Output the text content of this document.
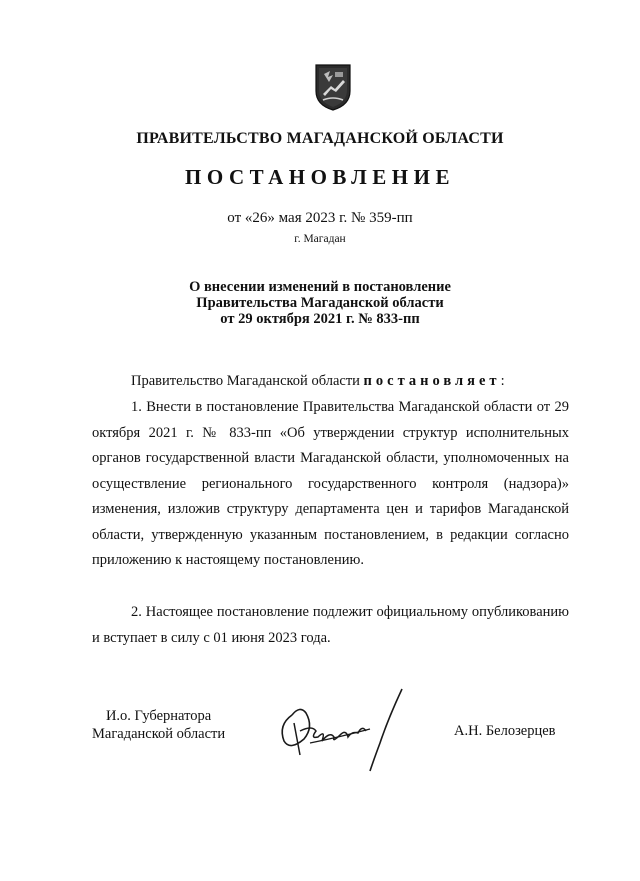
ПРАВИТЕЛЬСТВО МАГАДАНСКОЙ ОБЛАСТИ
ПОСТАНОВЛЕНИЕ
от «26» мая 2023 г. № 359-пп
г. Магадан
О внесении изменений в постановление
Правительства Магаданской области
от 29 октября 2021 г. № 833-пп
Правительство Магаданской области постановляет:
1. Внести в постановление Правительства Магаданской области от 29 октября 2021 г. № 833-пп «Об утверждении структур исполнительных органов государственной власти Магаданской области, уполномоченных на осуществление регионального государственного контроля (надзора)» изменения, изложив структуру департамента цен и тарифов Магаданской области, утвержденную указанным постановлением, в редакции согласно приложению к настоящему постановлению.
2. Настоящее постановление подлежит официальному опубликованию и вступает в силу с 01 июня 2023 года.
И.о. Губернатора
Магаданской области	А.Н. Белозерцев
